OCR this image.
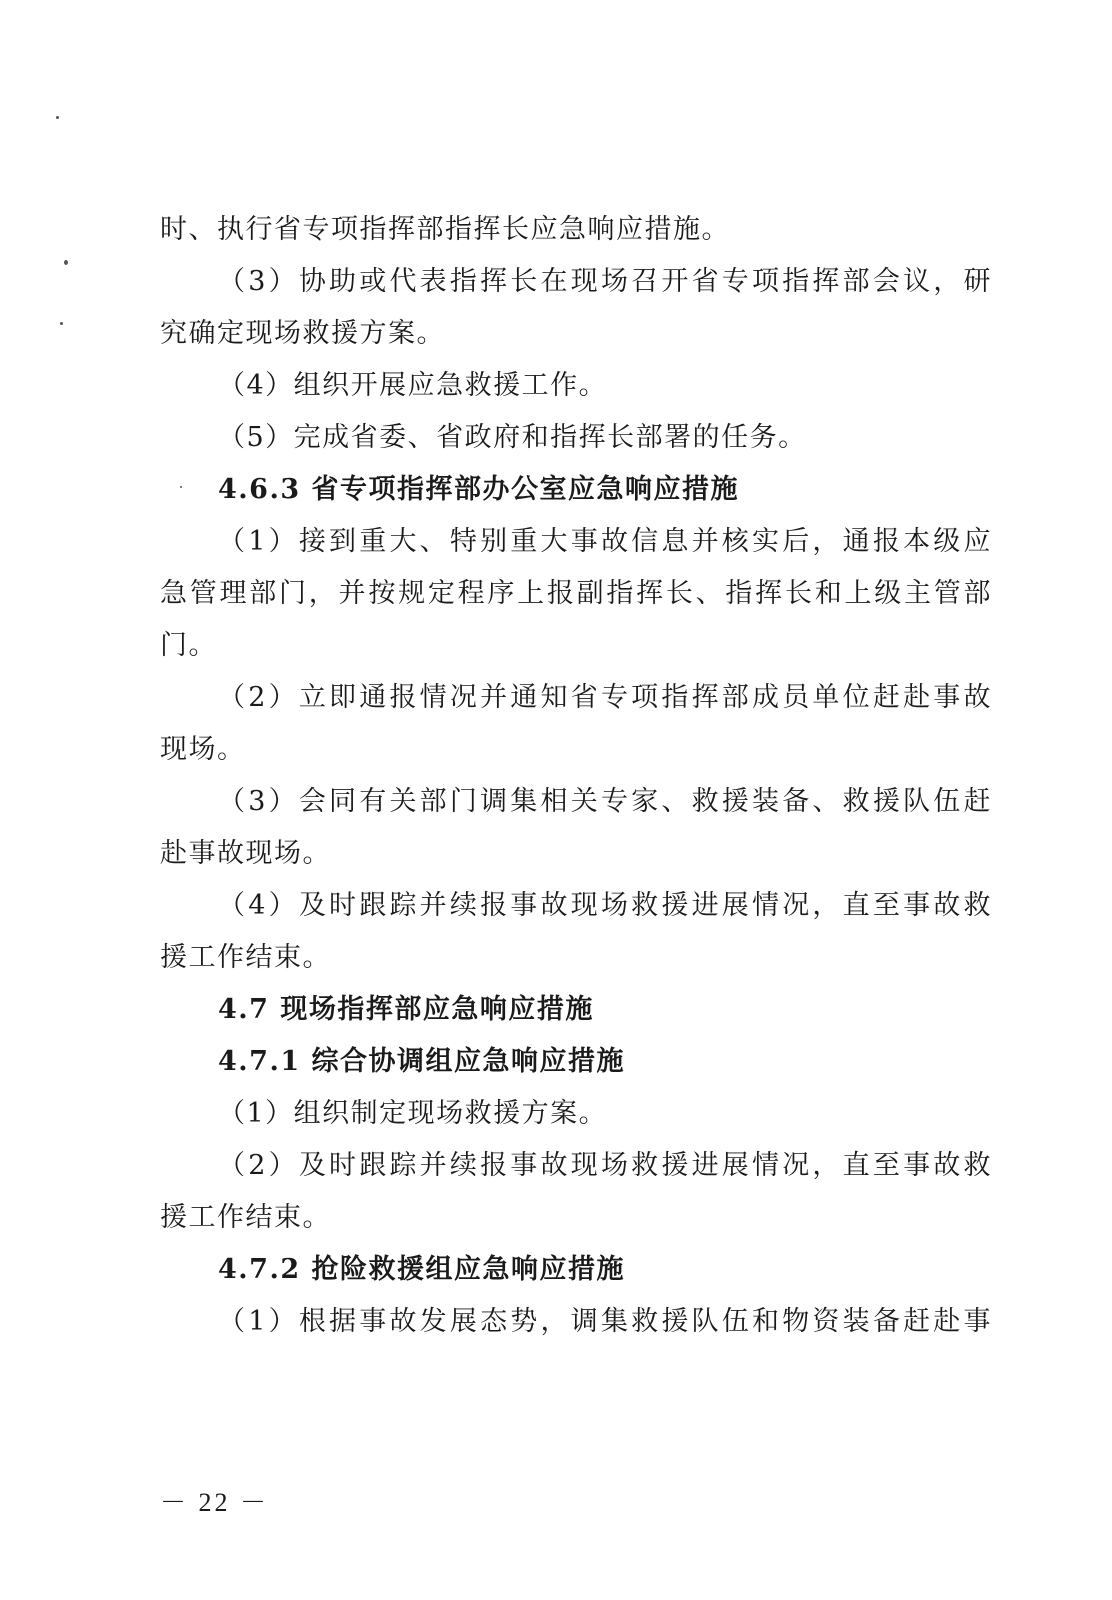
时、执行省专项指挥部指挥长应急响应措施。
（3）协助或代表指挥长在现场召开省专项指挥部会议，研
究确定现场救援方案。
（4）组织开展应急救援工作。
（5）完成省委、省政府和指挥长部署的任务。
4.6.3 省专项指挥部办公室应急响应措施
（1）接到重大、特别重大事故信息并核实后，通报本级应
急管理部门，并按规定程序上报副指挥长、指挥长和上级主管部
门。
（2）立即通报情况并通知省专项指挥部成员单位赶赴事故
现场。
（3）会同有关部门调集相关专家、救援装备、救援队伍赶
赴事故现场。
（4）及时跟踪并续报事故现场救援进展情况，直至事故救
援工作结束。
4.7 现场指挥部应急响应措施
4.7.1 综合协调组应急响应措施
（1）组织制定现场救援方案。
（2）及时跟踪并续报事故现场救援进展情况，直至事故救
援工作结束。
4.7.2 抢险救援组应急响应措施
（1）根据事故发展态势，调集救援队伍和物资装备赶赴事
－ 22 －
